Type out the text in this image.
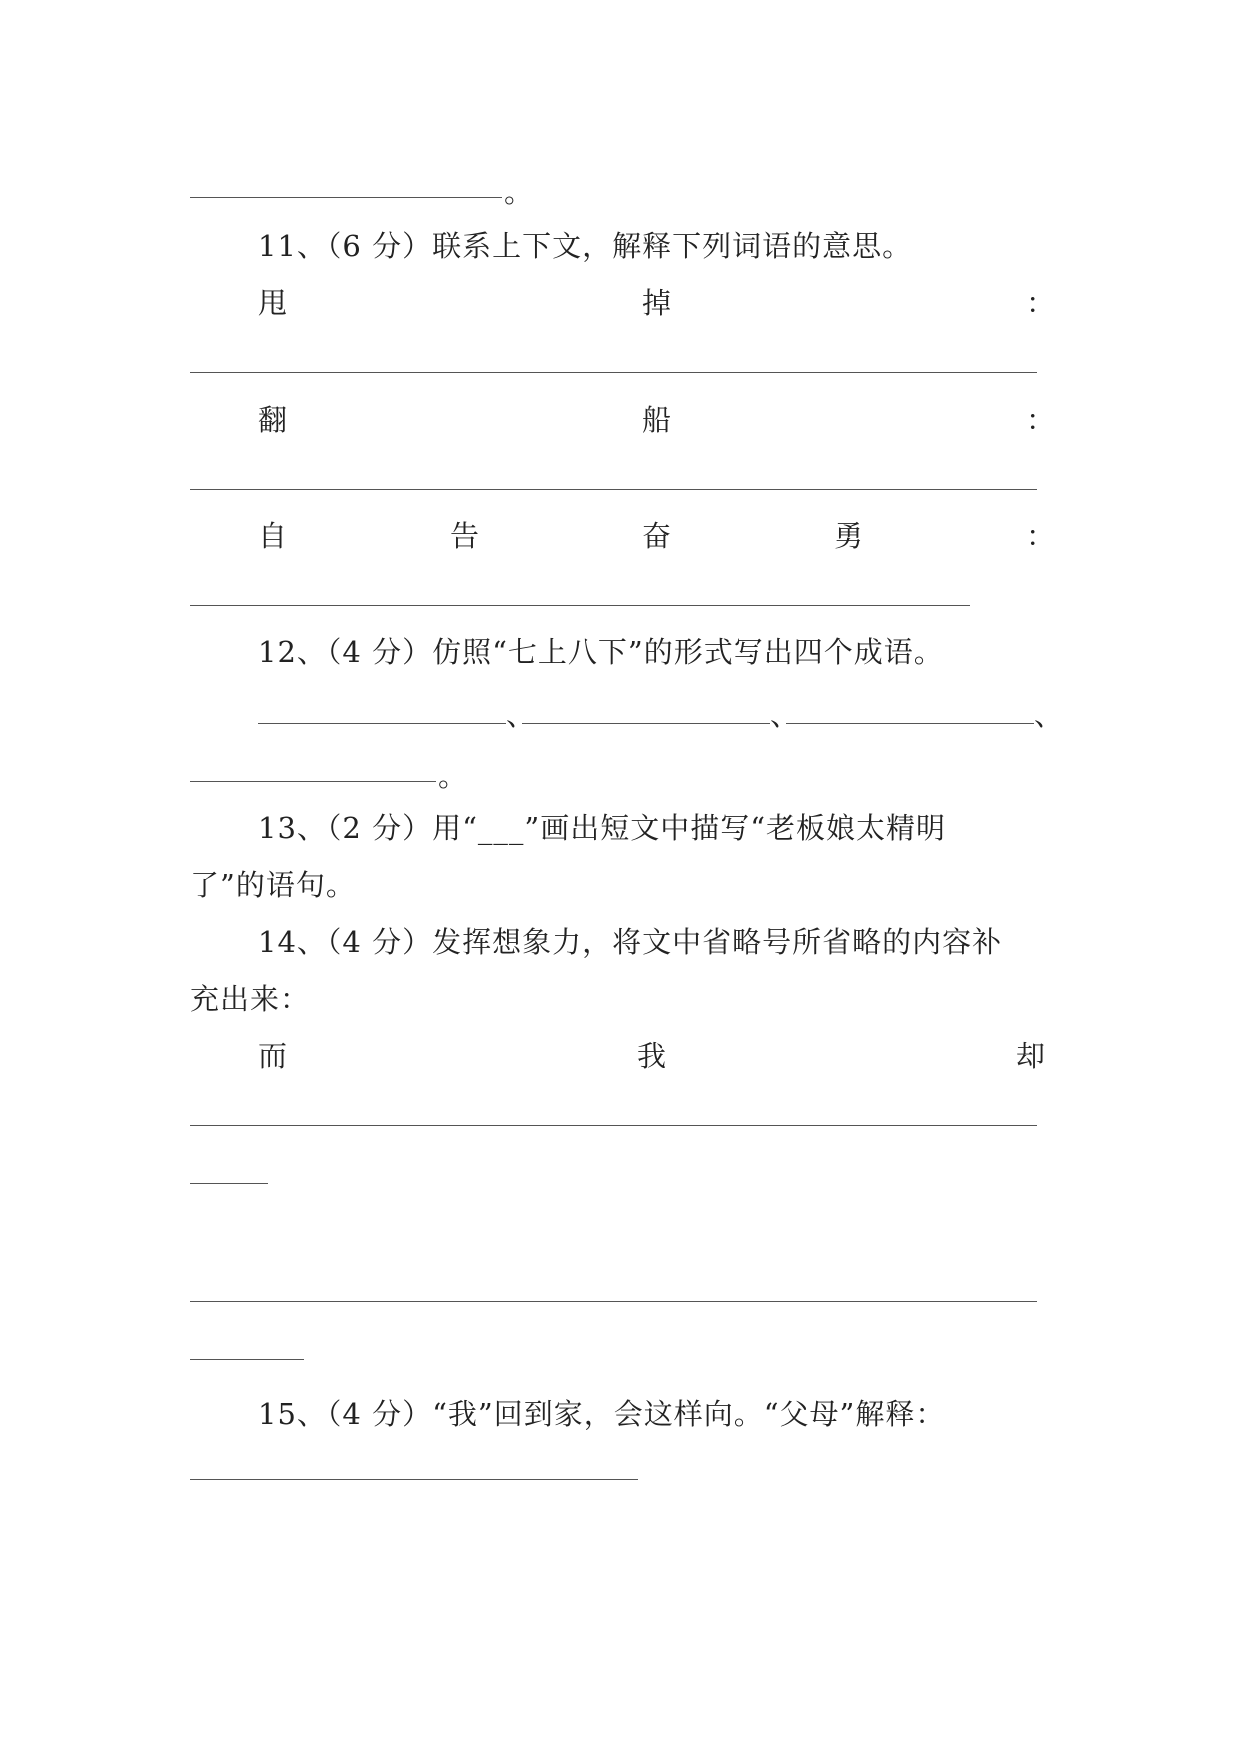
。
11、（6 分）联系上下文，解释下列词语的意思。
甩	掉	：
翻	船	：
自	告	奋	勇	：
12、（4 分）仿照“七上八下”的形式写出四个成语。
、	、	、
。
13、（2 分）用“___”画出短文中描写“老板娘太精明
了”的语句。
14、（4 分）发挥想象力，将文中省略号所省略的内容补
充出来：
而	我	却
15、（4 分）“我”回到家，会这样向。“父母”解释：
